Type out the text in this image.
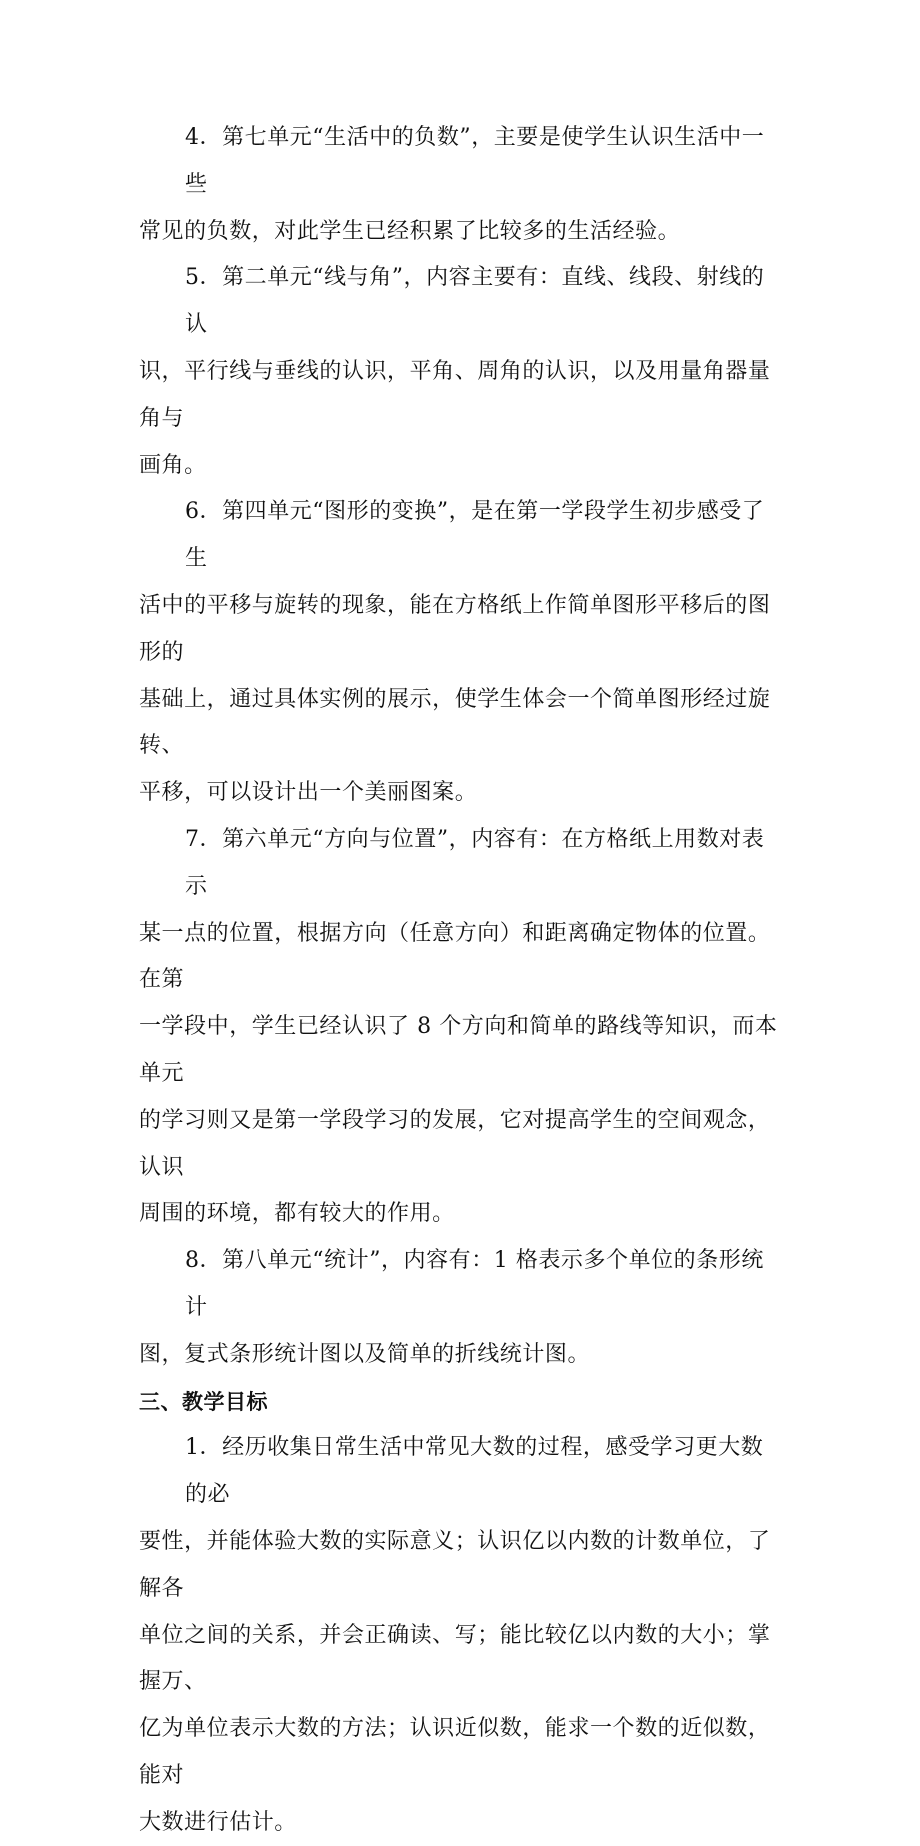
4．第七单元“生活中的负数”，主要是使学生认识生活中一些
常见的负数，对此学生已经积累了比较多的生活经验。

5．第二单元“线与角”，内容主要有：直线、线段、射线的认
识，平行线与垂线的认识，平角、周角的认识，以及用量角器量角与
画角。

6．第四单元“图形的变换”，是在第一学段学生初步感受了生
活中的平移与旋转的现象，能在方格纸上作简单图形平移后的图形的
基础上，通过具体实例的展示，使学生体会一个简单图形经过旋转、
平移，可以设计出一个美丽图案。

7．第六单元“方向与位置”，内容有：在方格纸上用数对表示
某一点的位置，根据方向（任意方向）和距离确定物体的位置。在第
一学段中，学生已经认识了 8 个方向和简单的路线等知识，而本单元
的学习则又是第一学段学习的发展，它对提高学生的空间观念，认识
周围的环境，都有较大的作用。

8．第八单元“统计”，内容有：1 格表示多个单位的条形统计
图，复式条形统计图以及简单的折线统计图。

三、教学目标

1．经历收集日常生活中常见大数的过程，感受学习更大数的必
要性，并能体验大数的实际意义；认识亿以内数的计数单位，了解各
单位之间的关系，并会正确读、写；能比较亿以内数的大小；掌握万、
亿为单位表示大数的方法；认识近似数，能求一个数的近似数，能对
大数进行估计。
